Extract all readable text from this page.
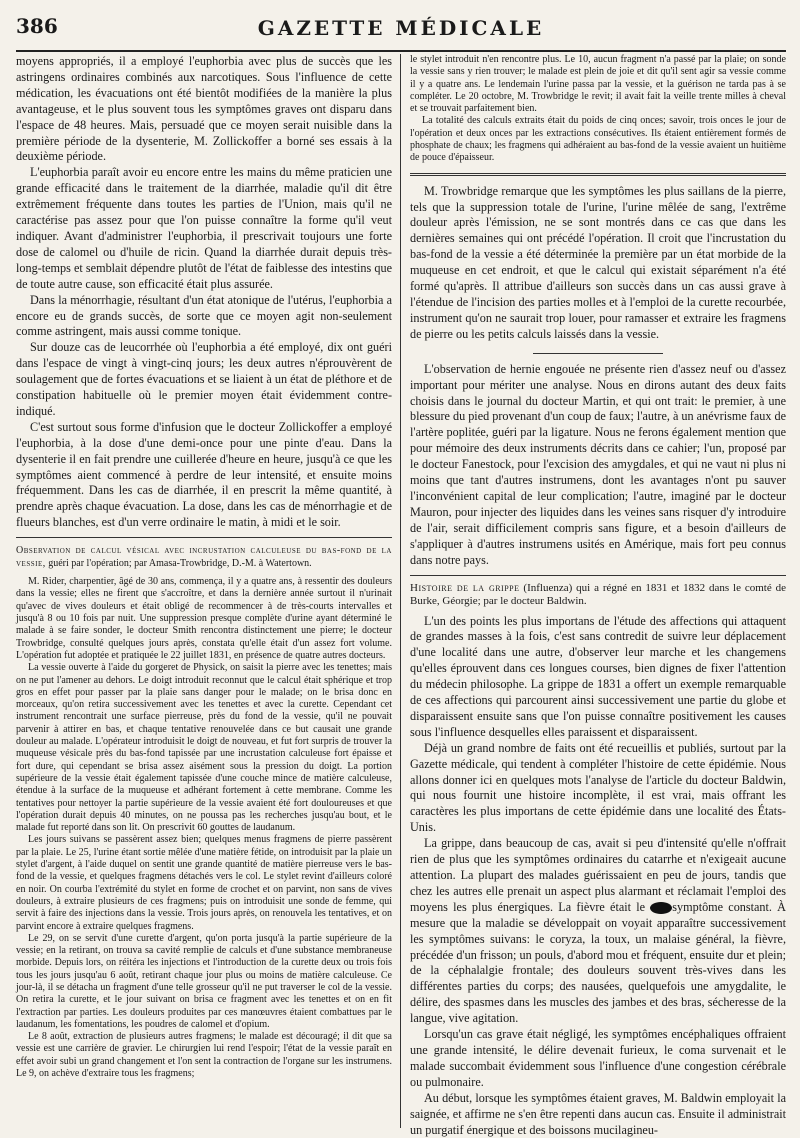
386	GAZETTE MÉDICALE

moyens appropriés, il a employé l'euphorbia avec plus de succès que les astringens ordinaires combinés aux narcotiques. Sous l'influence de cette médication, les évacuations ont été bientôt modifiées de la manière la plus avantageuse, et le plus souvent tous les symptômes graves ont disparu dans l'espace de 48 heures. Mais, persuadé que ce moyen serait nuisible dans la première période de la dysenterie, M. Zollickoffer a borné ses essais à la deuxième période.

L'euphorbia paraît avoir eu encore entre les mains du même praticien une grande efficacité dans le traitement de la diarrhée, maladie qu'il dit être extrêmement fréquente dans toutes les parties de l'Union, mais qu'il ne caractérise pas assez pour que l'on puisse connaître la forme qu'il veut indiquer. Avant d'administrer l'euphorbia, il prescrivait toujours une forte dose de calomel ou d'huile de ricin. Quand la diarrhée durait depuis très-long-temps et semblait dépendre plutôt de l'état de faiblesse des intestins que de toute autre cause, son efficacité était plus assurée.

Dans la ménorrhagie, résultant d'un état atonique de l'utérus, l'euphorbia a encore eu de grands succès, de sorte que ce moyen agit non-seulement comme astringent, mais aussi comme tonique.

Sur douze cas de leucorrhée où l'euphorbia a été employé, dix ont guéri dans l'espace de vingt à vingt-cinq jours; les deux autres n'éprouvèrent de soulagement que de fortes évacuations et se liaient à un état de pléthore et de constipation habituelle où le premier moyen était évidemment contre-indiqué.

C'est surtout sous forme d'infusion que le docteur Zollickoffer a employé l'euphorbia, à la dose d'une demi-once pour une pinte d'eau. Dans la dysenterie il en fait prendre une cuillerée d'heure en heure, jusqu'à ce que les symptômes aient commencé à perdre de leur intensité, et ensuite moins fréquemment. Dans les cas de diarrhée, il en prescrit la même quantité, à prendre après chaque évacuation. La dose, dans les cas de ménorrhagie et de flueurs blanches, est d'un verre ordinaire le matin, à midi et le soir.

Observation de calcul vésical avec incrustation calculeuse du bas-fond de la vessie, guéri par l'opération; par Amasa-Trowbridge, D.-M. à Watertown.

M. Rider, charpentier, âgé de 30 ans, commença, il y a quatre ans, à ressentir des douleurs dans la vessie; elles ne firent que s'accroître, et dans la dernière année surtout il n'urinait qu'avec de vives douleurs et était obligé de recommencer à de très-courts intervalles et jusqu'à 8 ou 10 fois par nuit. Une suppression presque complète d'urine ayant déterminé le malade à se faire sonder, le docteur Smith rencontra distinctement une pierre; le docteur Trowbridge, consulté quelques jours après, constata qu'elle était d'un assez fort volume. L'opération fut adoptée et pratiquée le 22 juillet 1831, en présence de quatre autres docteurs.

La vessie ouverte à l'aide du gorgeret de Physick, on saisit la pierre avec les tenettes; mais on ne put l'amener au dehors. Le doigt introduit reconnut que le calcul était sphérique et trop gros en effet pour passer par la plaie sans danger pour le malade; on le brisa donc en morceaux, qu'on retira successivement avec les tenettes et avec la curette. Cependant cet instrument rencontrait une surface pierreuse, près du fond de la vessie, qu'il ne pouvait parvenir à attirer en bas, et chaque tentative renouvelée dans ce but causait une grande douleur au malade. L'opérateur introduisit le doigt de nouveau, et fut fort surpris de trouver la muqueuse vésicale près du bas-fond tapissée par une incrustation calculeuse fort épaisse et fort dure, qui cependant se brisa assez aisément sous la pression du doigt. La portion supérieure de la vessie était également tapissée d'une couche mince de matière calculeuse, étendue à la surface de la muqueuse et adhérant fortement à cette membrane. Comme les tentatives pour nettoyer la partie supérieure de la vessie avaient été fort douloureuses et que l'opération durait depuis 40 minutes, on ne poussa pas les recherches jusqu'au bout, et le malade fut reporté dans son lit. On prescrivit 60 gouttes de laudanum.

Les jours suivans se passèrent assez bien; quelques menus fragmens de pierre passèrent par la plaie. Le 25, l'urine étant sortie mêlée d'une matière fétide, on introduisit par la plaie un stylet d'argent, à l'aide duquel on sentit une grande quantité de matière pierreuse vers le bas-fond de la vessie, et quelques fragmens détachés vers le col. Le stylet revint d'ailleurs coloré en noir. On courba l'extrémité du stylet en forme de crochet et on parvint, non sans de vives douleurs, à extraire plusieurs de ces fragmens; puis on introduisit une sonde de femme, qui servit à faire des injections dans la vessie. Trois jours après, on renouvela les tentatives, et on parvint encore à extraire quelques fragmens.

Le 29, on se servit d'une curette d'argent, qu'on porta jusqu'à la partie supérieure de la vessie; en la retirant, on trouva sa cavité remplie de calculs et d'une substance membraneuse morbide. Depuis lors, on réitéra les injections et l'introduction de la curette deux ou trois fois tous les jours jusqu'au 6 août, retirant chaque jour plus ou moins de matière calculeuse. Ce jour-là, il se détacha un fragment d'une telle grosseur qu'il ne put traverser le col de la vessie. On retira la curette, et le jour suivant on brisa ce fragment avec les tenettes et on en fit l'extraction par parties. Les douleurs produites par ces manœuvres étaient combattues par le laudanum, les fomentations, les poudres de calomel et d'opium.

Le 8 août, extraction de plusieurs autres fragmens; le malade est découragé; il dit que sa vessie est une carrière de gravier. Le chirurgien lui rend l'espoir; l'état de la vessie paraît en effet avoir subi un grand changement et l'on sent la contraction de l'organe sur les instrumens. Le 9, on achève d'extraire tous les fragmens;

le stylet introduit n'en rencontre plus. Le 10, aucun fragment n'a passé par la plaie; on sonde la vessie sans y rien trouver; le malade est plein de joie et dit qu'il sent agir sa vessie comme il y a quatre ans. Le lendemain l'urine passa par la vessie, et la guérison ne tarda pas à se compléter. Le 20 octobre, M. Trowbridge le revit; il avait fait la veille trente milles à cheval et se trouvait parfaitement bien.

La totalité des calculs extraits était du poids de cinq onces; savoir, trois onces le jour de l'opération et deux onces par les extractions consécutives. Ils étaient entièrement formés de phosphate de chaux; les fragmens qui adhéraient au bas-fond de la vessie avaient un huitième de pouce d'épaisseur.

M. Trowbridge remarque que les symptômes les plus saillans de la pierre, tels que la suppression totale de l'urine, l'urine mêlée de sang, l'extrême douleur après l'émission, ne se sont montrés dans ce cas que dans les dernières semaines qui ont précédé l'opération. Il croit que l'incrustation du bas-fond de la vessie a été déterminée la première par un état morbide de la muqueuse en cet endroit, et que le calcul qui existait séparément n'a été formé qu'après. Il attribue d'ailleurs son succès dans un cas aussi grave à l'étendue de l'incision des parties molles et à l'emploi de la curette recourbée, instrument qu'on ne saurait trop louer, pour ramasser et extraire les fragmens de pierre ou les petits calculs laissés dans la vessie.

L'observation de hernie engouée ne présente rien d'assez neuf ou d'assez important pour mériter une analyse. Nous en dirons autant des deux faits choisis dans le journal du docteur Martin, et qui ont trait: le premier, à une blessure du pied provenant d'un coup de faux; l'autre, à un anévrisme faux de l'artère poplitée, guéri par la ligature. Nous ne ferons également mention que pour mémoire des deux instruments décrits dans ce cahier; l'un, proposé par le docteur Fanestock, pour l'excision des amygdales, et qui ne vaut ni plus ni moins que tant d'autres instrumens, dont les avantages n'ont pu sauver l'inconvénient capital de leur complication; l'autre, imaginé par le docteur Mauron, pour injecter des liquides dans les veines sans risquer d'y introduire de l'air, serait difficilement compris sans figure, et a besoin d'ailleurs de s'appliquer à d'autres instrumens usités en Amérique, mais fort peu connus dans notre pays.

Histoire de la grippe (Influenza) qui a régné en 1831 et 1832 dans le comté de Burke, Géorgie; par le docteur Baldwin.

L'un des points les plus importans de l'étude des affections qui attaquent de grandes masses à la fois, c'est sans contredit de suivre leur déplacement d'une localité dans une autre, d'observer leur marche et les changemens qu'elles éprouvent dans ces longues courses, bien dignes de fixer l'attention du médecin philosophe. La grippe de 1831 a offert un exemple remarquable de ces affections qui parcourent ainsi successivement une partie du globe et disparaissent ensuite sans que l'on puisse connaître positivement les causes sous l'influence desquelles elles paraissent et disparaissent.

Déjà un grand nombre de faits ont été recueillis et publiés, surtout par la Gazette médicale, qui tendent à compléter l'histoire de cette épidémie. Nous allons donner ici en quelques mots l'analyse de l'article du docteur Baldwin, qui nous fournit une histoire incomplète, il est vrai, mais offrant les caractères les plus importans de cette épidémie dans une localité des États-Unis.

La grippe, dans beaucoup de cas, avait si peu d'intensité qu'elle n'offrait rien de plus que les symptômes ordinaires du catarrhe et n'exigeait aucune attention. La plupart des malades guérissaient en peu de jours, tandis que chez les autres elle prenait un aspect plus alarmant et réclamait l'emploi des moyens les plus énergiques. La fièvre était le symptôme constant. À mesure que la maladie se développait on voyait apparaître successivement les symptômes suivans: le coryza, la toux, un malaise général, la fièvre, précédée d'un frisson; un pouls, d'abord mou et fréquent, ensuite dur et plein; de la céphalalgie frontale; des douleurs souvent très-vives dans les différentes parties du corps; des nausées, quelquefois une amygdalite, le délire, des spasmes dans les muscles des jambes et des bras, sécheresse de la langue, vive agitation.

Lorsqu'un cas grave était négligé, les symptômes encéphaliques offraient une grande intensité, le délire devenait furieux, le coma survenait et le malade succombait évidemment sous l'influence d'une congestion cérébrale ou pulmonaire.

Au début, lorsque les symptômes étaient graves, M. Baldwin employait la saignée, et affirme ne s'en être repenti dans aucun cas. Ensuite il administrait un purgatif énergique et des boissons mucilagineu-
